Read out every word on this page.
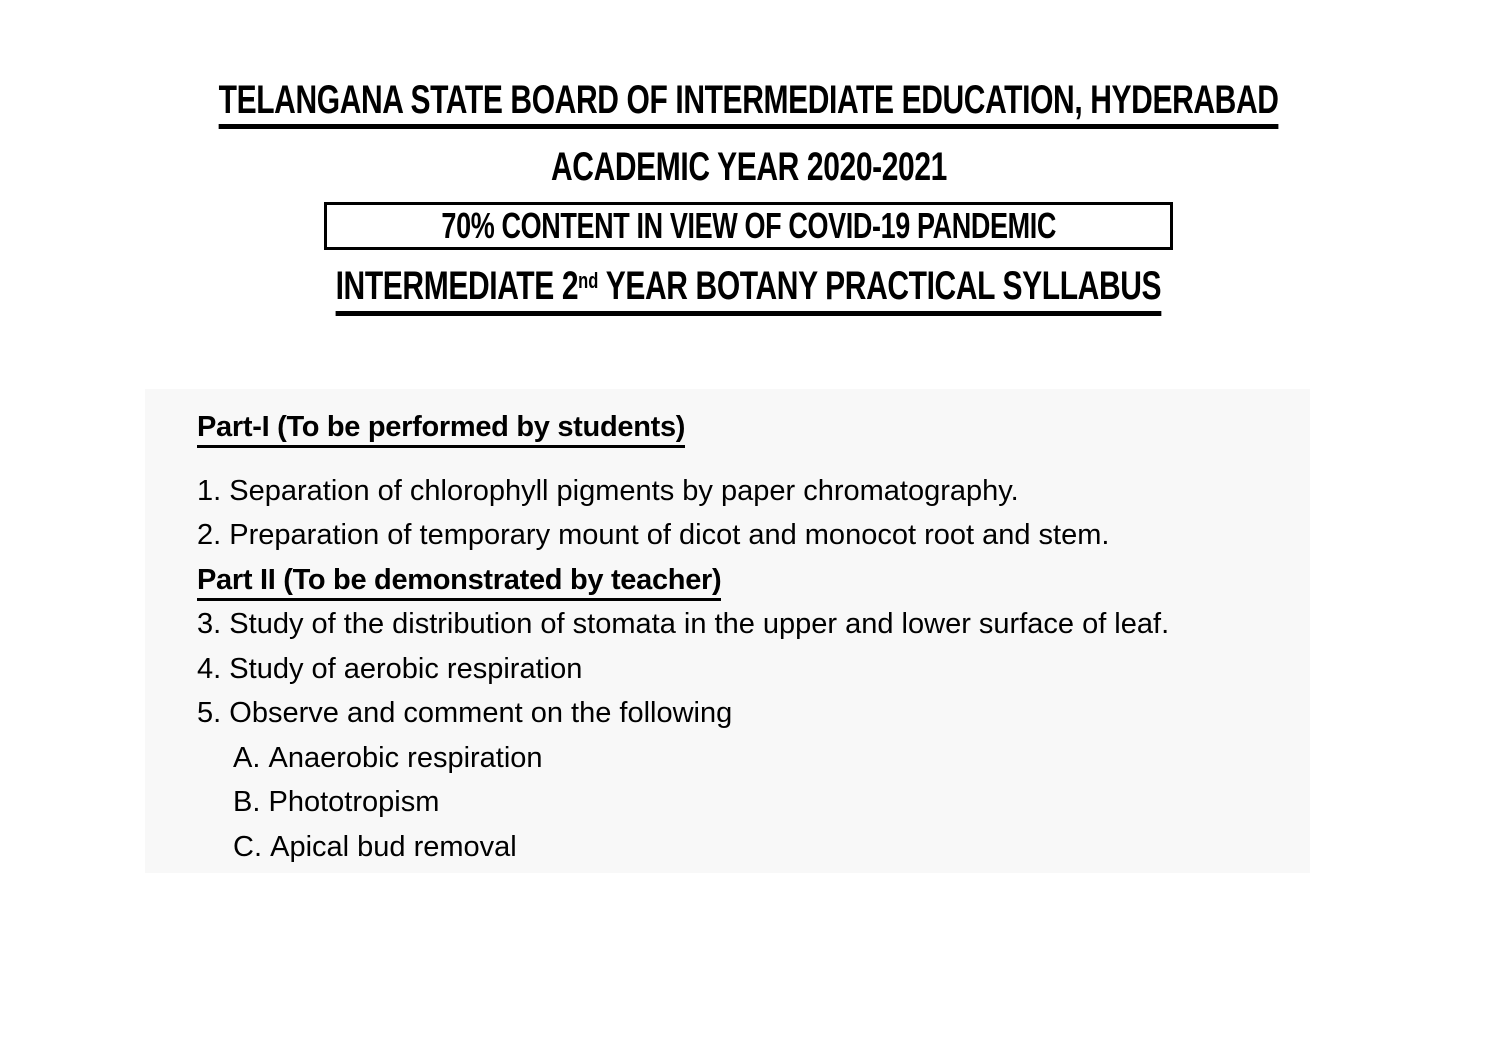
TELANGANA STATE BOARD OF INTERMEDIATE EDUCATION, HYDERABAD
ACADEMIC YEAR 2020-2021
70% CONTENT IN VIEW OF COVID-19 PANDEMIC
INTERMEDIATE 2nd YEAR BOTANY PRACTICAL SYLLABUS
Part-I (To be performed by students)
1. Separation of chlorophyll pigments by paper chromatography.
2. Preparation of temporary mount of dicot and monocot root and stem.
Part II (To be demonstrated by teacher)
3. Study of the distribution of stomata in the upper and lower surface of leaf.
4. Study of aerobic respiration
5. Observe and comment on the following
A. Anaerobic respiration
B. Phototropism
C. Apical bud removal
